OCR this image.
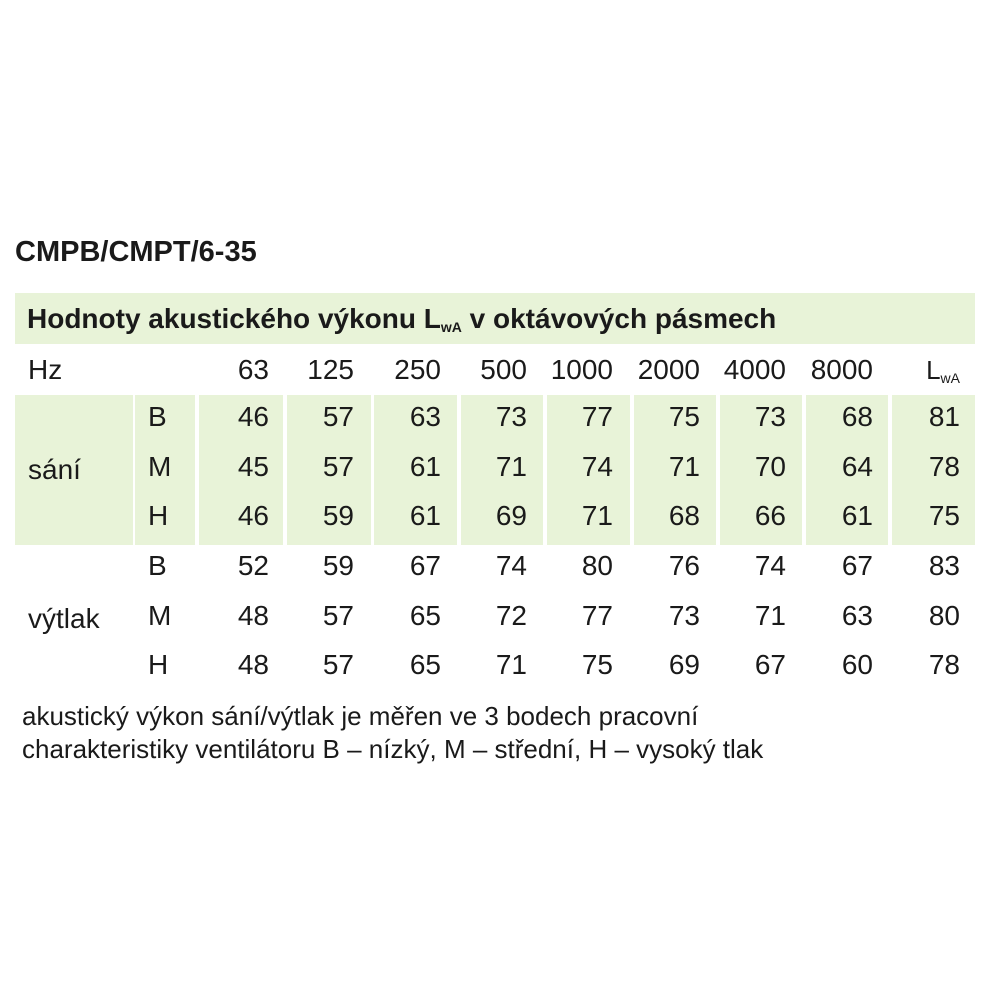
CMPB/CMPT/6-35
Hodnoty akustického výkonu $L_{wA}$ v oktávových pásmech
Hz	63	125	250	500 1000 2000 4000 8000	$L_{wA}$
sání
B	46	57	63	73	77	75	73	68	81
M	45	57	61	71	74	71	70	64	78
H	46	59	61	69	71	68	66	61	75
výtlak
B	52	59	67	74	80	76	74	67	83
M	48	57	65	72	77	73	71	63	80
H	48	57	65	71	75	69	67	60	78
akustický výkon sání/výtlak je měřen ve 3 bodech pracovní
charakteristiky ventilátoru B – nízký, M – střední, H – vysoký tlak
